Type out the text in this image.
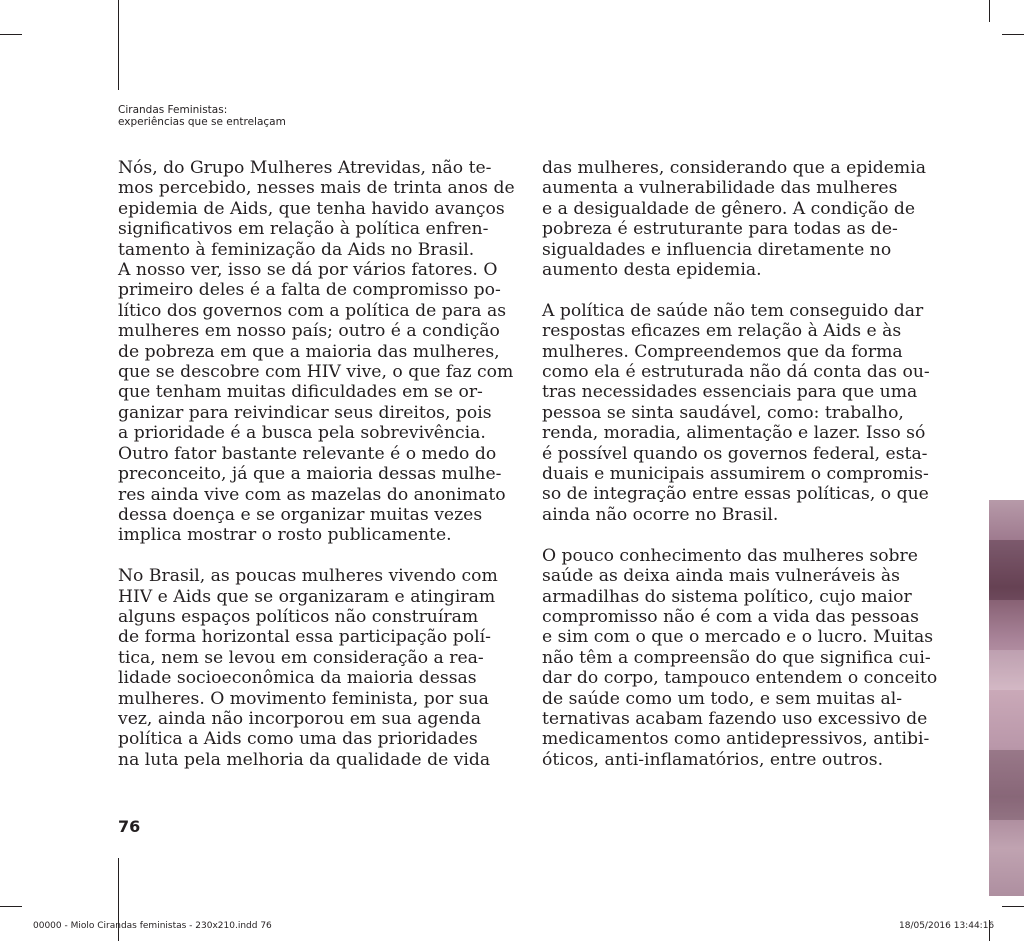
Cirandas Feministas:
experiências que se entrelaçam
Nós, do Grupo Mulheres Atrevidas, não te-
mos percebido, nesses mais de trinta anos de
epidemia de Aids, que tenha havido avanços
significativos em relação à política enfren-
tamento à feminização da Aids no Brasil.
A nosso ver, isso se dá por vários fatores. O
primeiro deles é a falta de compromisso po-
lítico dos governos com a política de para as
mulheres em nosso país; outro é a condição
de pobreza em que a maioria das mulheres,
que se descobre com HIV vive, o que faz com
que tenham muitas dificuldades em se or-
ganizar para reivindicar seus direitos, pois
a prioridade é a busca pela sobrevivência.
Outro fator bastante relevante é o medo do
preconceito, já que a maioria dessas mulhe-
res ainda vive com as mazelas do anonimato
dessa doença e se organizar muitas vezes
implica mostrar o rosto publicamente.
No Brasil, as poucas mulheres vivendo com
HIV e Aids que se organizaram e atingiram
alguns espaços políticos não construíram
de forma horizontal essa participação polí-
tica, nem se levou em consideração a rea-
lidade socioeconômica da maioria dessas
mulheres. O movimento feminista, por sua
vez, ainda não incorporou em sua agenda
política a Aids como uma das prioridades
na luta pela melhoria da qualidade de vida
das mulheres, considerando que a epidemia
aumenta a vulnerabilidade das mulheres
e a desigualdade de gênero. A condição de
pobreza é estruturante para todas as de-
sigualdades e influencia diretamente no
aumento desta epidemia.
A política de saúde não tem conseguido dar
respostas eficazes em relação à Aids e às
mulheres. Compreendemos que da forma
como ela é estruturada não dá conta das ou-
tras necessidades essenciais para que uma
pessoa se sinta saudável, como: trabalho,
renda, moradia, alimentação e lazer. Isso só
é possível quando os governos federal, esta-
duais e municipais assumirem o compromis-
so de integração entre essas políticas, o que
ainda não ocorre no Brasil.
O pouco conhecimento das mulheres sobre
saúde as deixa ainda mais vulneráveis às
armadilhas do sistema político, cujo maior
compromisso não é com a vida das pessoas
e sim com o que o mercado e o lucro. Muitas
não têm a compreensão do que significa cui-
dar do corpo, tampouco entendem o conceito
de saúde como um todo, e sem muitas al-
ternativas acabam fazendo uso excessivo de
medicamentos como antidepressivos, antibi-
óticos, anti-inflamatórios, entre outros.
76
00000 - Miolo Cirandas feministas - 230x210.indd 76	18/05/2016 13:44:16
